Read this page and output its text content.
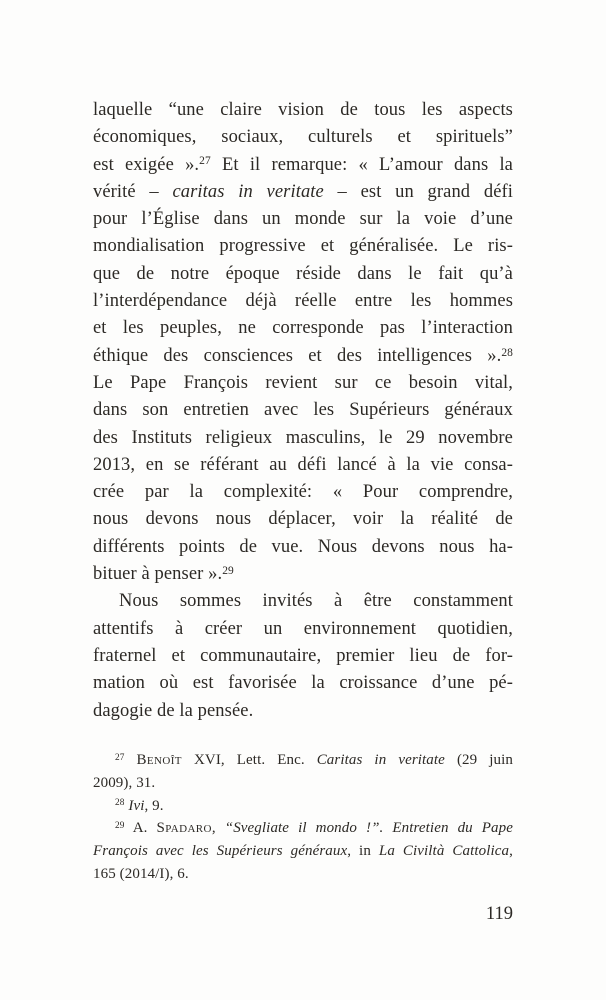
laquelle “une claire vision de tous les aspects
économiques, sociaux, culturels et spirituels”
est exigée ».$^{27}$ Et il remarque: « L’amour dans la
vérité – caritas in veritate – est un grand défi
pour l’Église dans un monde sur la voie d’une
mondialisation progressive et généralisée. Le ris-
que de notre époque réside dans le fait qu’à
l’interdépendance déjà réelle entre les hommes
et les peuples, ne corresponde pas l’interaction
éthique des consciences et des intelligences ».$^{28}$
Le Pape François revient sur ce besoin vital,
dans son entretien avec les Supérieurs généraux
des Instituts religieux masculins, le 29 novembre
2013, en se référant au défi lancé à la vie consa-
crée par la complexité: « Pour comprendre,
nous devons nous déplacer, voir la réalité de
différents points de vue. Nous devons nous ha-
bituer à penser ».$^{29}$
Nous sommes invités à être constamment
attentifs à créer un environnement quotidien,
fraternel et communautaire, premier lieu de for-
mation où est favorisée la croissance d’une pé-
dagogie de la pensée.
$^{27}$ Benoît XVI, Lett. Enc. Caritas in veritate (29 juin
2009), 31.
$^{28}$ Ivi, 9.
$^{29}$ A. Spadaro, “Svegliate il mondo !”. Entretien du Pape
François avec les Supérieurs généraux, in La Civiltà Cattolica,
165 (2014/I), 6.
119
